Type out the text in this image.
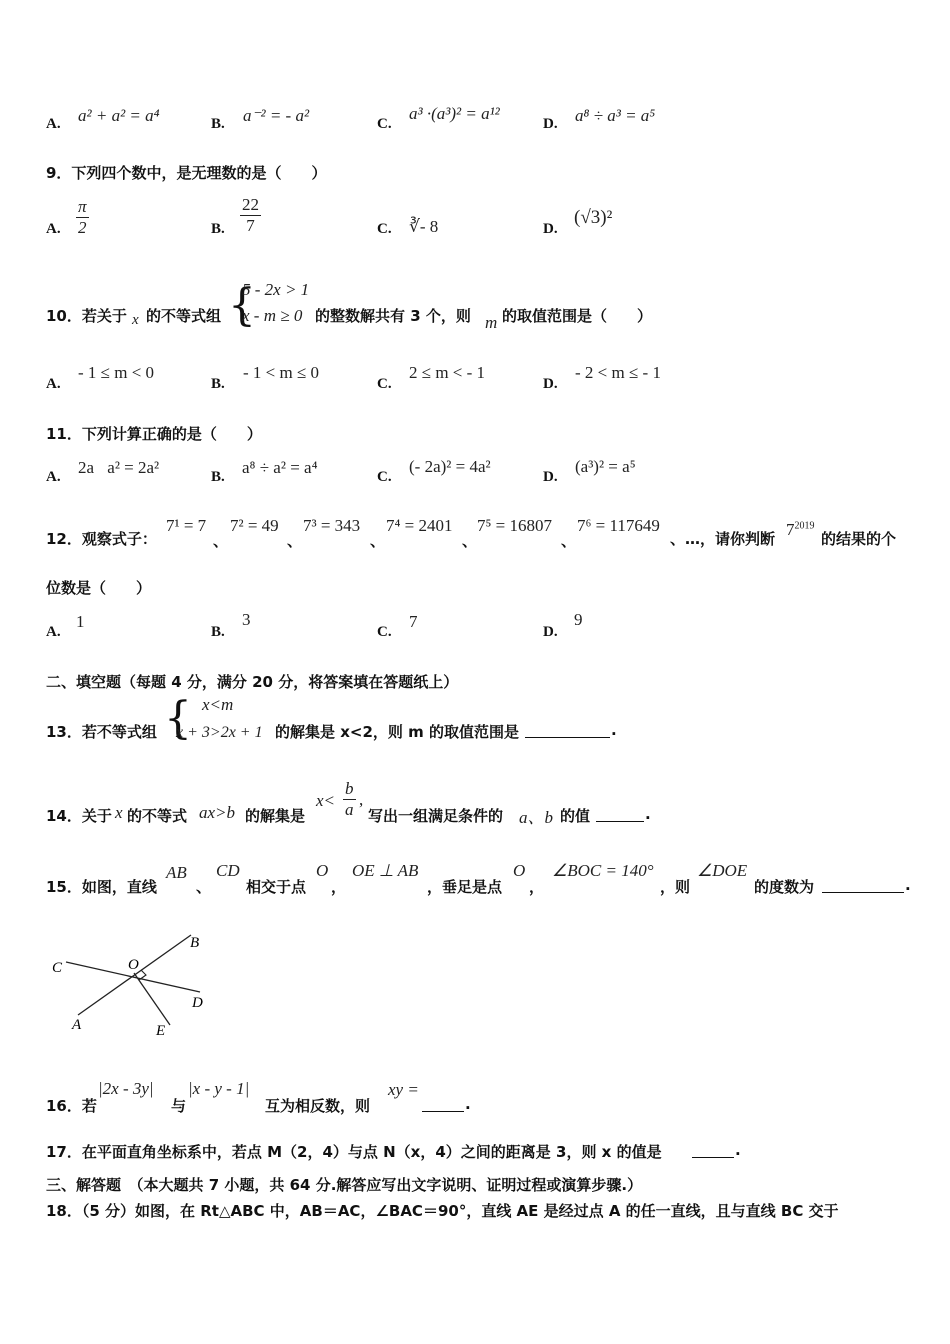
A. a² + a² = a⁴	B. a⁻² = - a²	C.
a³ ·(a³)² = a¹²
D. a⁸ ÷ a³ = a⁵
9．下列四个数中，是无理数的是（　　）
A. $\frac{\pi}{2}$	B. $\frac{22}{7}$	C. ∛- 8	D.
(√3)²
10．若关于 x 的不等式组 {
5 - 2x > 1
x - m ≥ 0 的整数解共有 3 个，则 m 的取值范围是（　　）
A.
- 1 ≤ m < 0
B.
- 1 < m ≤ 0
C.
2 ≤ m < - 1
D.
- 2 < m ≤ - 1
11．下列计算正确的是（　　）
A. 2a⃞a² = 2a²	B. a⁸ ÷ a² = a⁴	C.
(- 2a)² = 4a²
D.
(a³)² = a⁵
12．观察式子：
7¹ = 7
、
7² = 49
、
7³ = 343
、
7⁴ = 2401
、
7⁵ = 16807
、
7⁶ = 117649
、…，请你判断 $7^{2019}$
的结果的个
位数是（　　）
A.
1
B.
3
C.
7
D.
9
二、填空题（每题 4 分，满分 20 分，将答案填在答题纸上）
13．若不等式组 { x<m
x + 3>2x + 1 的解集是 x<2，则 m 的取值范围是	.
14．关于 x 的不等式 ax>b 的解集是
$x< \frac{b}{a}$ ,
写出一组满足条件的 a、b 的值	.
15．如图，直线
AB
、
CD
相交于点
O
，
OE ⊥ AB
，垂足是点
O
，
∠BOC = 140°
，则
∠DOE
的度数为	.
C	O
B
D
A	E
16．若
|2x - 3y|
与
|x - y - 1|
互为相反数，则
xy =
.
17．在平面直角坐标系中，若点 M（2，4）与点 N（x，4）之间的距离是 3，则 x 的值是	.
三、解答题　（本大题共 7 小题，共 64 分.解答应写出文字说明、证明过程或演算步骤.）
18．（5 分）如图，在 Rt△ABC 中，AB＝AC，∠BAC＝90°，直线 AE 是经过点 A 的任一直线，且与直线 BC 交于
